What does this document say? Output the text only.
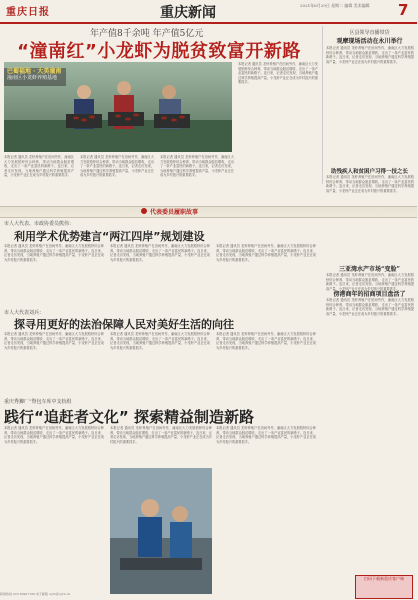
重庆日报	重庆新闻	2021年6月29日 星期二 编辑 美术编辑	7
年产值8千余吨 年产值5亿元
“潼南红”小龙虾为脱贫致富开新路
巴蜀福地 · 大美潼南
潼南区小龙虾养殖基地
本报记者 通讯员 龙虾养殖户在田间劳作，潼南区大力发展稻虾综合种养，带动当地群众脱贫增收，走出了一条产业富民的新路子。连日来，记者走访发现，当地养殖户通过科学养殖提高产量，小龙虾产业正在成为乡村振兴的重要抓手。
本报记者 通讯员 龙虾养殖户在田间劳作，潼南区大力发展稻虾综合种养，带动当地群众脱贫增收，走出了一条产业富民的新路子。连日来，记者走访发现，当地养殖户通过科学养殖提高产量，小龙虾产业正在成为乡村振兴的重要抓手。
本报记者 通讯员 龙虾养殖户在田间劳作，潼南区大力发展稻虾综合种养，带动当地群众脱贫增收，走出了一条产业富民的新路子。连日来，记者走访发现，当地养殖户通过科学养殖提高产量，小龙虾产业正在成为乡村振兴的重要抓手。
本报记者 通讯员 龙虾养殖户在田间劳作，潼南区大力发展稻虾综合种养，带动当地群众脱贫增收，走出了一条产业富民的新路子。连日来，记者走访发现，当地养殖户通过科学养殖提高产量，小龙虾产业正在成为乡村振兴的重要抓手。
区县领导直播带货
观摩现场活动在永川举行
本报记者 通讯员 龙虾养殖户在田间劳作，潼南区大力发展稻虾综合种养，带动当地群众脱贫增收，走出了一条产业富民的新路子。连日来，记者走访发现，当地养殖户通过科学养殖提高产量，小龙虾产业正在成为乡村振兴的重要抓手。
助残疾人和贫困户习得一技之长
本报记者 通讯员 龙虾养殖户在田间劳作，潼南区大力发展稻虾综合种养，带动当地群众脱贫增收，走出了一条产业富民的新路子。连日来，记者走访发现，当地养殖户通过科学养殖提高产量，小龙虾产业正在成为乡村振兴的重要抓手。
三亚湾水产市场“变脸”
本报记者 通讯员 龙虾养殖户在田间劳作，潼南区大力发展稻虾综合种养，带动当地群众脱贫增收，走出了一条产业富民的新路子。连日来，记者走访发现，当地养殖户通过科学养殖提高产量，小龙虾产业正在成为乡村振兴的重要抓手。
傍港商年的招商项目盘活了
本报记者 通讯员 龙虾养殖户在田间劳作，潼南区大力发展稻虾综合种养，带动当地群众脱贫增收，走出了一条产业富民的新路子。连日来，记者走访发现，当地养殖户通过科学养殖提高产量，小龙虾产业正在成为乡村振兴的重要抓手。
代表委员履职故事
市人大代表、市政协委员熊伟：
利用学术优势建言“两江四岸”规划建设
本报记者 通讯员 龙虾养殖户在田间劳作，潼南区大力发展稻虾综合种养，带动当地群众脱贫增收，走出了一条产业富民的新路子。连日来，记者走访发现，当地养殖户通过科学养殖提高产量，小龙虾产业正在成为乡村振兴的重要抓手。
本报记者 通讯员 龙虾养殖户在田间劳作，潼南区大力发展稻虾综合种养，带动当地群众脱贫增收，走出了一条产业富民的新路子。连日来，记者走访发现，当地养殖户通过科学养殖提高产量，小龙虾产业正在成为乡村振兴的重要抓手。
本报记者 通讯员 龙虾养殖户在田间劳作，潼南区大力发展稻虾综合种养，带动当地群众脱贫增收，走出了一条产业富民的新路子。连日来，记者走访发现，当地养殖户通过科学养殖提高产量，小龙虾产业正在成为乡村振兴的重要抓手。
市人大代表刘兵：
探寻用更好的法治保障人民对美好生活的向往
本报记者 通讯员 龙虾养殖户在田间劳作，潼南区大力发展稻虾综合种养，带动当地群众脱贫增收，走出了一条产业富民的新路子。连日来，记者走访发现，当地养殖户通过科学养殖提高产量，小龙虾产业正在成为乡村振兴的重要抓手。
本报记者 通讯员 龙虾养殖户在田间劳作，潼南区大力发展稻虾综合种养，带动当地群众脱贫增收，走出了一条产业富民的新路子。连日来，记者走访发现，当地养殖户通过科学养殖提高产量，小龙虾产业正在成为乡村振兴的重要抓手。
本报记者 通讯员 龙虾养殖户在田间劳作，潼南区大力发展稻虾综合种养，带动当地群众脱贫增收，走出了一条产业富民的新路子。连日来，记者走访发现，当地养殖户通过科学养殖提高产量，小龙虾产业正在成为乡村振兴的重要抓手。
重庆秀狮厂“脊包车库中支杭组
践行“追赶者文化” 探索精益制造新路
本报记者 通讯员 龙虾养殖户在田间劳作，潼南区大力发展稻虾综合种养，带动当地群众脱贫增收，走出了一条产业富民的新路子。连日来，记者走访发现，当地养殖户通过科学养殖提高产量，小龙虾产业正在成为乡村振兴的重要抓手。
本报记者 通讯员 龙虾养殖户在田间劳作，潼南区大力发展稻虾综合种养，带动当地群众脱贫增收，走出了一条产业富民的新路子。连日来，记者走访发现，当地养殖户通过科学养殖提高产量，小龙虾产业正在成为乡村振兴的重要抓手。
本报记者 通讯员 龙虾养殖户在田间劳作，潼南区大力发展稻虾综合种养，带动当地群众脱贫增收，走出了一条产业富民的新路子。连日来，记者走访发现，当地养殖户通过科学养殖提高产量，小龙虾产业正在成为乡村振兴的重要抓手。
扫码下载新重庆客户端
新闻热线 023-63907199 电子邮箱 cqrb@cqrb.cn
